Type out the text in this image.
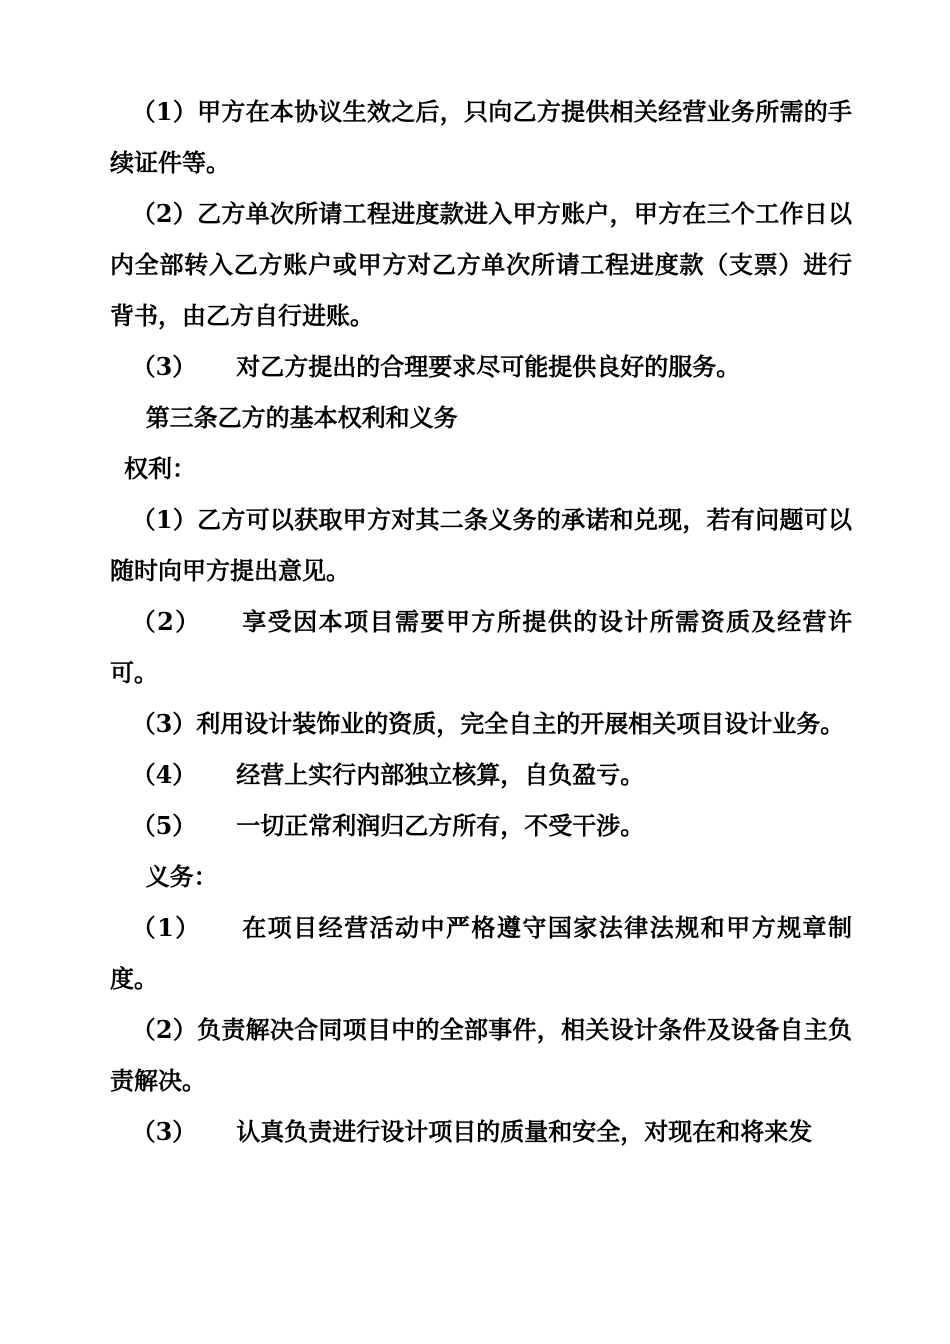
（1）甲方在本协议生效之后，只向乙方提供相关经营业务所需的手续证件等。
（2）乙方单次所请工程进度款进入甲方账户，甲方在三个工作日以内全部转入乙方账户或甲方对乙方单次所请工程进度款（支票）进行背书，由乙方自行进账。
（3） 对乙方提出的合理要求尽可能提供良好的服务。
第三条乙方的基本权利和义务
权利：
（1）乙方可以获取甲方对其二条义务的承诺和兑现，若有问题可以随时向甲方提出意见。
（2） 享受因本项目需要甲方所提供的设计所需资质及经营许可。
（3）利用设计装饰业的资质，完全自主的开展相关项目设计业务。
（4） 经营上实行内部独立核算，自负盈亏。
（5） 一切正常利润归乙方所有，不受干涉。
义务：
（1） 在项目经营活动中严格遵守国家法律法规和甲方规章制度。
（2）负责解决合同项目中的全部事件，相关设计条件及设备自主负责解决。
（3） 认真负责进行设计项目的质量和安全，对现在和将来发
